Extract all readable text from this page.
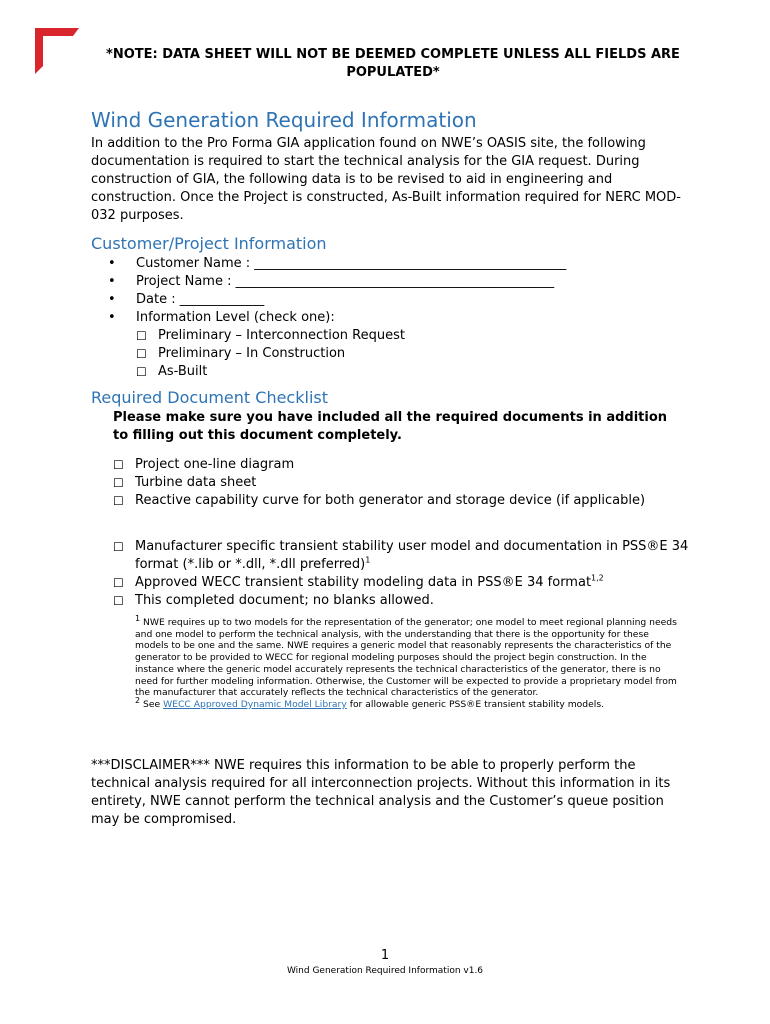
*NOTE: DATA SHEET WILL NOT BE DEEMED COMPLETE UNLESS ALL FIELDS ARE POPULATED*
Wind Generation Required Information

In addition to the Pro Forma GIA application found on NWE’s OASIS site, the following documentation is required to start the technical analysis for the GIA request. During construction of GIA, the following data is to be revised to aid in engineering and construction. Once the Project is constructed, As-Built information required for NERC MOD-032 purposes.

Customer/Project Information
•	Customer Name : ________________________________________________
•	Project Name : _________________________________________________
•	Date : _____________
•	Information Level (check one):
☐ Preliminary – Interconnection Request
☐ Preliminary – In Construction
☐ As-Built
Required Document Checklist
Please make sure you have included all the required documents in addition to filling out this document completely.
☐ Project one-line diagram
☐ Turbine data sheet
☐ Reactive capability curve for both generator and storage device (if applicable)
☐ Manufacturer specific transient stability user model and documentation in PSS®E 34 format (*.lib or *.dll, *.dll preferred)$^1$
☐ Approved WECC transient stability modeling data in PSS®E 34 format$^{1,2}$
☐ This completed document; no blanks allowed.
$^1$ NWE requires up to two models for the representation of the generator; one model to meet regional planning needs and one model to perform the technical analysis, with the understanding that there is the opportunity for these models to be one and the same. NWE requires a generic model that reasonably represents the characteristics of the generator to be provided to WECC for regional modeling purposes should the project begin construction. In the instance where the generic model accurately represents the technical characteristics of the generator, there is no need for further modeling information. Otherwise, the Customer will be expected to provide a proprietary model from the manufacturer that accurately reflects the technical characteristics of the generator.
$^2$ See WECC Approved Dynamic Model Library for allowable generic PSS®E transient stability models.
***DISCLAIMER*** NWE requires this information to be able to properly perform the technical analysis required for all interconnection projects. Without this information in its entirety, NWE cannot perform the technical analysis and the Customer’s queue position may be compromised.
1
Wind Generation Required Information v1.6
